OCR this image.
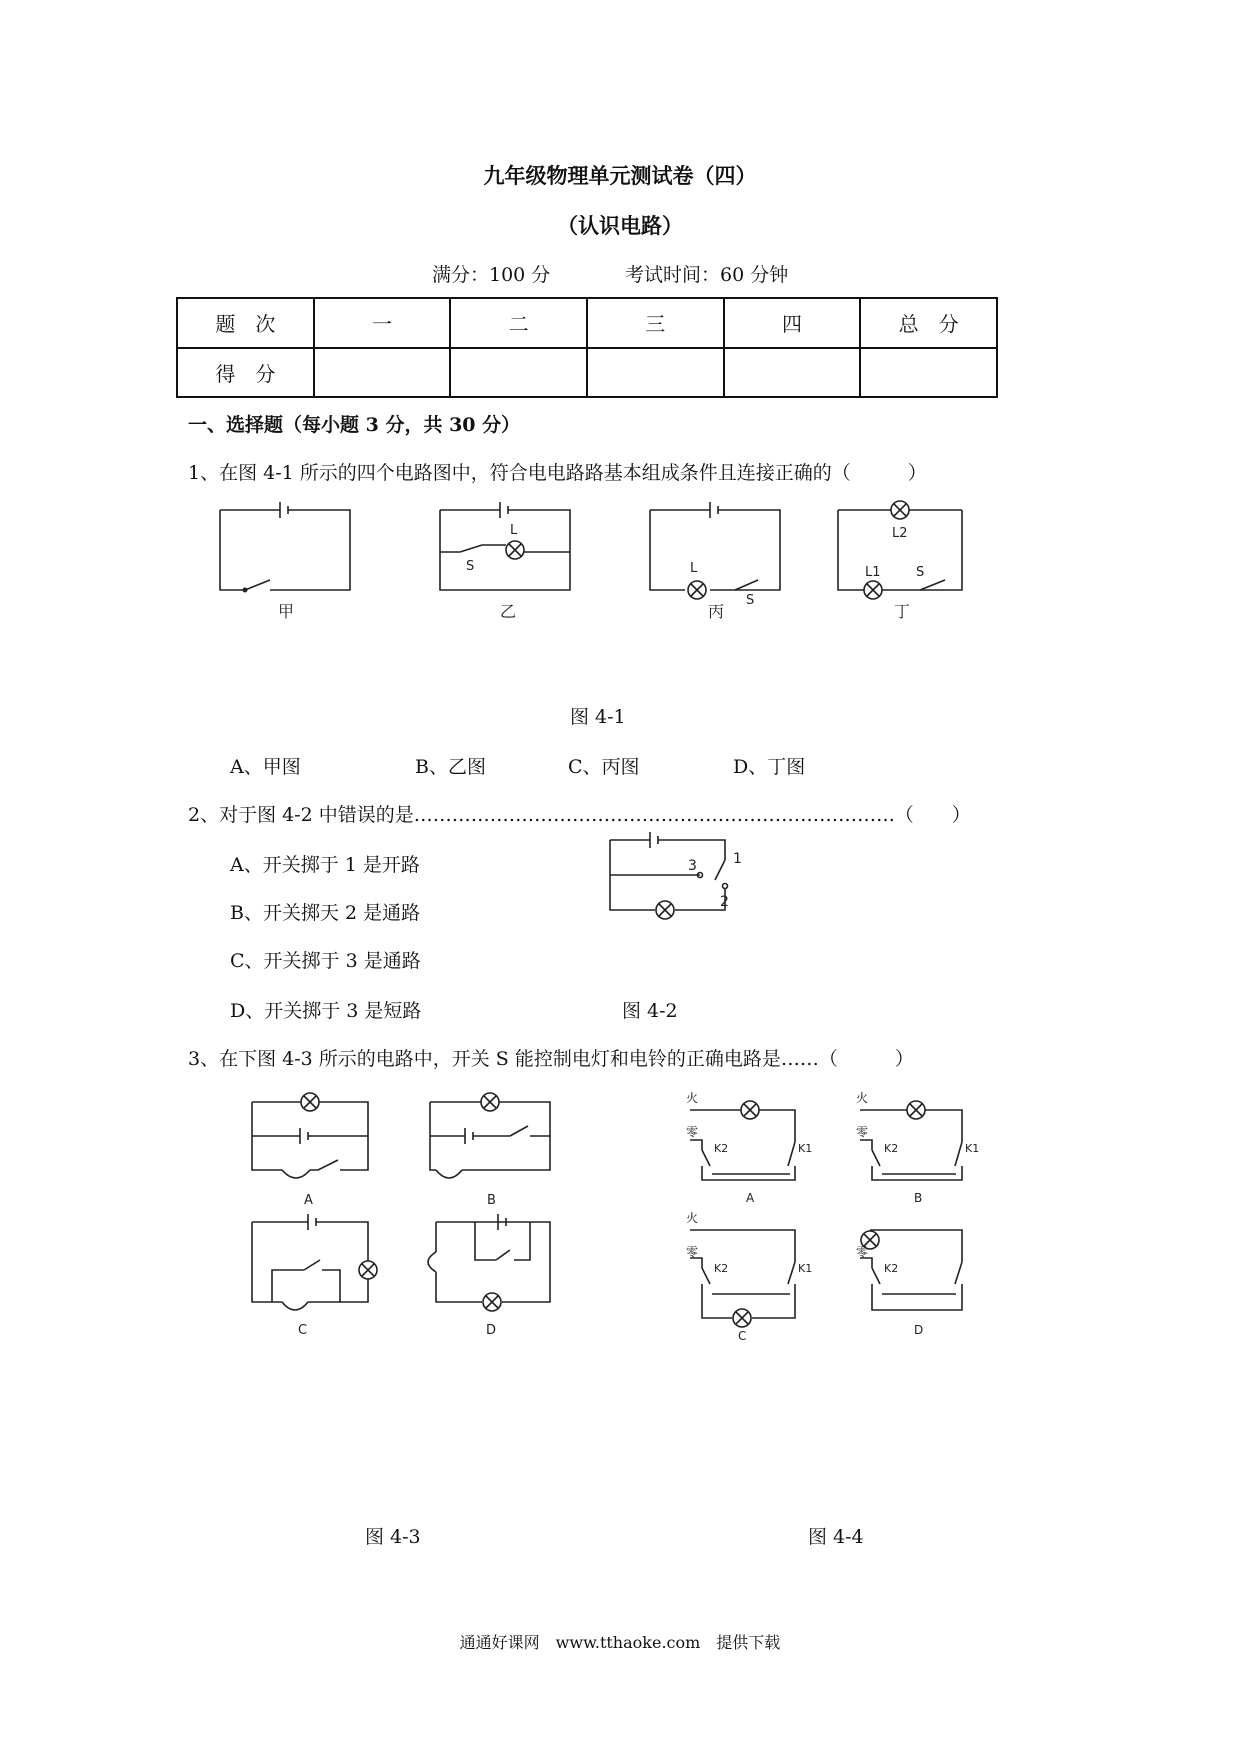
九年级物理单元测试卷（四）
（认识电路）
满分：100 分	考试时间：60 分钟
题　次	一	二	三	四	总　分
得　分					
一、选择题（每小题 3 分，共 30 分）
1、在图 4-1 所示的四个电路图中，符合电电路路基本组成条件且连接正确的（　　　）
甲
S
L
乙
L
S
丙
L2
L1	S
丁
图 4-1
A、甲图	B、乙图	C、丙图	D、丁图
2、对于图 4-2 中错误的是………………………………………………………………….（　　）
A、开关掷于 1 是开路
B、开关掷天 2 是通路
C、开关掷于 3 是通路
D、开关掷于 3 是短路
1
2
3
图 4-2
3、在下图 4-3 所示的电路中，开关 S 能控制电灯和电铃的正确电路是……（　　　）
A	B
C	D
火
零
K2	K1
A
火
零
K2	K1
B
火
零
K2	K1
C
零
K2
D
图 4-3	图 4-4
通通好课网　www.tthaoke.com　提供下载
